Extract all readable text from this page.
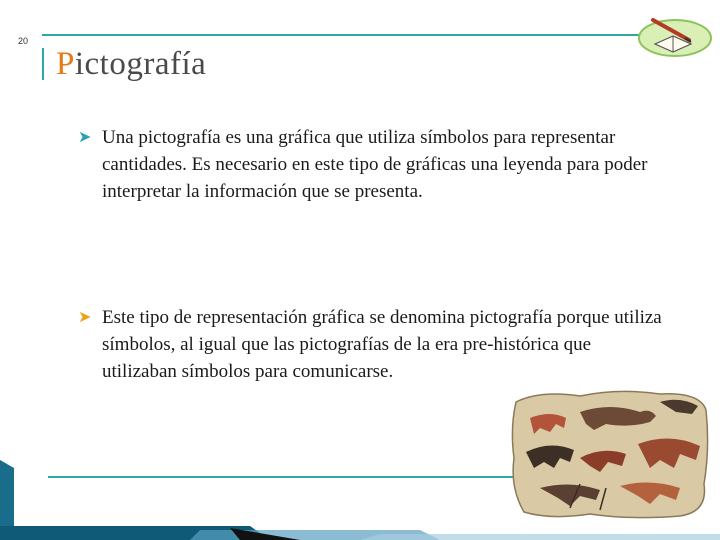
20
Pictografía
➤ Una pictografía es una gráfica que utiliza símbolos para representar cantidades. Es necesario en este tipo de gráficas una leyenda para poder interpretar la información que se presenta.
➤ Este tipo de representación gráfica se denomina pictografía porque utiliza símbolos, al igual que las pictografías de la era pre-histórica que utilizaban símbolos para comunicarse.
